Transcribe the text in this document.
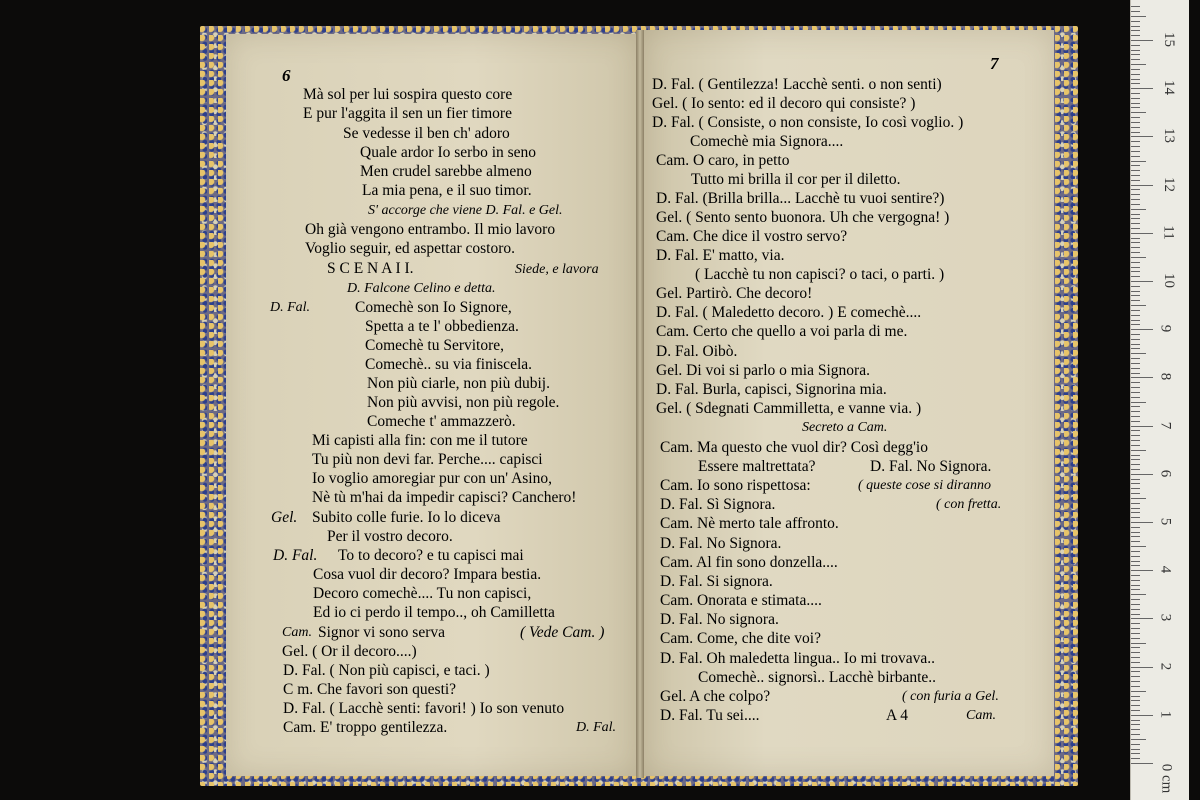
6
7
Mà sol per lui sospira questo core
E pur l'aggita il sen un fier timore
Se vedesse il ben ch' adoro
Quale ardor Io serbo in seno
Men crudel sarebbe almeno
La mia pena, e il suo timor.
S' accorge che viene D. Fal. e Gel.
Oh già vengono entrambo. Il mio lavoro
Voglio seguir, ed aspettar costoro.
S C E N A I I.	Siede, e lavora
D. Falcone Celino e detta.
D. Fal.	Comechè son Io Signore,
Spetta a te l' obbedienza.
Comechè tu Servitore,
Comechè.. su via finiscela.
Non più ciarle, non più dubij.
Non più avvisi, non più regole.
Comeche t' ammazzerò.
Mi capisti alla fin: con me il tutore
Tu più non devi far. Perche.... capisci
Io voglio amoregiar pur con un' Asino,
Nè tù m'hai da impedir capisci? Canchero!
Gel. Subito colle furie. Io lo diceva
Per il vostro decoro.
D. Fal. To to decoro? e tu capisci mai
Cosa vuol dir decoro? Impara bestia.
Decoro comechè.... Tu non capisci,
Ed io ci perdo il tempo.., oh Camilletta
Cam. Signor vi sono serva	( Vede Cam. )
Gel. ( Or il decoro....)
D. Fal. ( Non più capisci, e taci. )
C m. Che favori son questi?
D. Fal. ( Lacchè senti: favori! ) Io son venuto
Cam. E' troppo gentilezza.	D. Fal.
D. Fal. ( Gentilezza! Lacchè senti. o non senti)
Gel. ( Io sento: ed il decoro qui consiste? )
D. Fal. ( Consiste, o non consiste, Io così voglio. )
Comechè mia Signora....
Cam. O caro, in petto
Tutto mi brilla il cor per il diletto.
D. Fal. (Brilla brilla... Lacchè tu vuoi sentire?)
Gel. ( Sento sento buonora. Uh che vergogna! )
Cam. Che dice il vostro servo?
D. Fal. E' matto, via.
( Lacchè tu non capisci? o taci, o parti. )
Gel. Partirò. Che decoro!
D. Fal. ( Maledetto decoro. ) E comechè....
Cam. Certo che quello a voi parla di me.
D. Fal. Oibò.
Gel. Di voi si parlo o mia Signora.
D. Fal. Burla, capisci, Signorina mia.
Gel. ( Sdegnati Cammilletta, e vanne via. )
Secreto a Cam.
Cam. Ma questo che vuol dir? Così degg'io
Essere maltrettata?	D. Fal. No Signora.
Cam. Io sono rispettosa:	( queste cose si diranno
D. Fal. Sì Signora.	( con fretta.
Cam. Nè merto tale affronto.
D. Fal. No Signora.
Cam. Al fin sono donzella....
D. Fal. Si signora.
Cam. Onorata e stimata....
D. Fal. No signora.
Cam. Come, che dite voi?
D. Fal. Oh maledetta lingua.. Io mi trovava..
Comechè.. signorsì.. Lacchè birbante..
Gel. A che colpo?	( con furia a Gel.
D. Fal. Tu sei....	A 4	Cam.	1
2
3
4
5
6
7
8
9
10
11
12
13
14
15
0 cm
